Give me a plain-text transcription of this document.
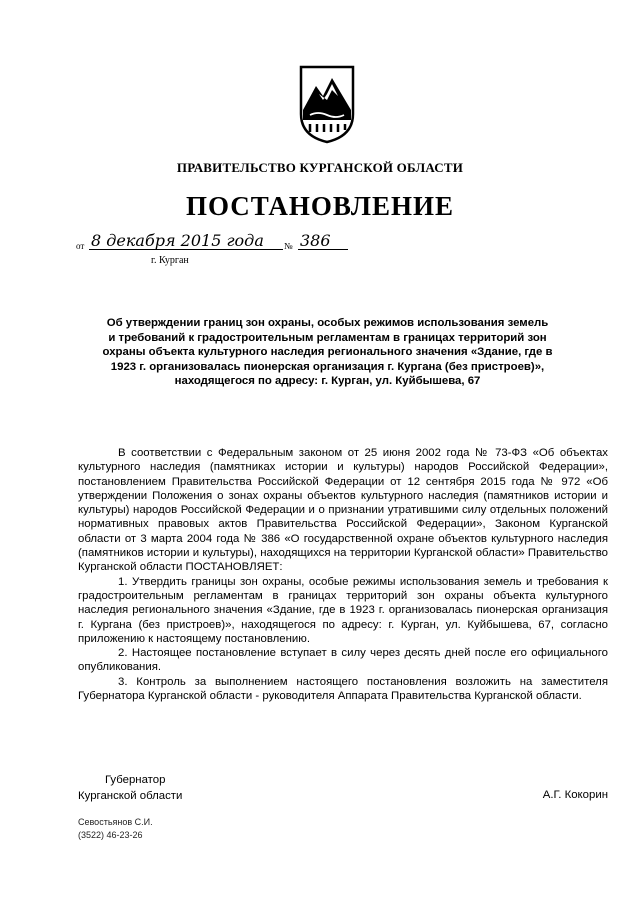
ПРАВИТЕЛЬСТВО КУРГАНСКОЙ ОБЛАСТИ
ПОСТАНОВЛЕНИЕ
от 8 декабря 2015 года	№ 386
г. Курган
Об утверждении границ зон охраны, особых режимов использования земель
и требований к градостроительным регламентам в границах территорий зон
охраны объекта культурного наследия регионального значения «Здание, где в
1923 г. организовалась пионерская организация г. Кургана (без пристроев)»,
находящегося по адресу: г. Курган, ул. Куйбышева, 67

В соответствии с Федеральным законом от 25 июня 2002 года № 73-ФЗ «Об объектах культурного наследия (памятниках истории и культуры) народов Российской Федерации», постановлением Правительства Российской Федерации от 12 сентября 2015 года № 972 «Об утверждении Положения о зонах охраны объектов культурного наследия (памятников истории и культуры) народов Российской Федерации и о признании утратившими силу отдельных положений нормативных правовых актов Правительства Российской Федерации», Законом Курганской области от 3 марта 2004 года № 386 «О государственной охране объектов культурного наследия (памятников истории и культуры), находящихся на территории Курганской области» Правительство Курганской области ПОСТАНОВЛЯЕТ:

1. Утвердить границы зон охраны, особые режимы использования земель и требования к градостроительным регламентам в границах территорий зон охраны объекта культурного наследия регионального значения «Здание, где в 1923 г. организовалась пионерская организация г. Кургана (без пристроев)», находящегося по адресу: г. Курган, ул. Куйбышева, 67, согласно приложению к настоящему постановлению.

2. Настоящее постановление вступает в силу через десять дней после его официального опубликования.

3. Контроль за выполнением настоящего постановления возложить на заместителя Губернатора Курганской области - руководителя Аппарата Правительства Курганской области.

Губернатор
Курганской области	А.Г. Кокорин
Севостьянов С.И.
(3522) 46-23-26
